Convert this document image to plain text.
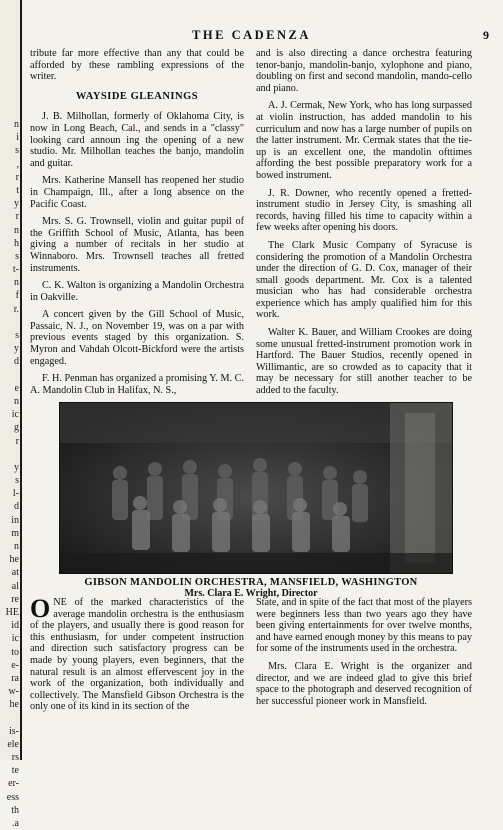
n
i
s
,
r
t
y
r
n
h
s
t-
n
f
r.
s
y
d
e
n
ic
g
r
y
s
l-
d
in
m
n
he
at
al
re
HE
id
ic
to
e-
ra
w-
he
is-
ele
rs
te
er-
ess
th
.a
THE CADENZA	9

tribute far more effective than any that could be afforded by these rambling expressions of the writer.

WAYSIDE GLEANINGS

J. B. Milhollan, formerly of Oklahoma City, is now in Long Beach, Cal., and sends in a "classy" looking card announ ing the opening of a new studio. Mr. Milhollan teaches the banjo, mandolin and guitar.

Mrs. Katherine Mansell has reopened her studio in Champaign, Ill., after a long absence on the Pacific Coast.

Mrs. S. G. Trownsell, violin and guitar pupil of the Griffith School of Music, Atlanta, has been giving a number of recitals in her studio at Winnaboro. Mrs. Trownsell teaches all fretted instruments.

C. K. Walton is organizing a Mandolin Orchestra in Oakville.

A concert given by the Gill School of Music, Passaic, N. J., on November 19, was on a par with previous events staged by this organization. S. Myron and Vahdah Olcott-Bickford were the artists engaged.

F. H. Penman has organized a promising Y. M. C. A. Mandolin Club in Halifax, N. S.,

and is also directing a dance orchestra featuring tenor-banjo, mandolin-banjo, xylophone and piano, doubling on first and second mandolin, mando-cello and piano.

A. J. Cermak, New York, who has long surpassed at violin instruction, has added mandolin to his curriculum and now has a large number of pupils on the latter instrument. Mr. Cermak states that the tie-up is an excellent one, the mandolin ofttimes affording the best possible preparatory work for a bowed instrument.

J. R. Downer, who recently opened a fretted-instrument studio in Jersey City, is smashing all records, having filled his time to capacity within a few weeks after opening his doors.

The Clark Music Company of Syracuse is considering the promotion of a Mandolin Orchestra under the direction of G. D. Cox, manager of their small goods department. Mr. Cox is a talented musician who has had considerable orchestra experience which has amply qualified him for this work.

Walter K. Bauer, and William Crookes are doing some unusual fretted-instrument promotion work in Hartford. The Bauer Studios, recently opened in Willimantic, are so crowded as to capacity that it may be necessary for still another teacher to be added to the faculty.

GIBSON MANDOLIN ORCHESTRA, MANSFIELD, WASHINGTON
Mrs. Clara E. Wright, Director

ONE of the marked characteristics of the average mandolin orchestra is the enthusiasm of the players, and usually there is good reason for this enthusiasm, for under competent instruction and direction such satisfactory progress can be made by young players, even beginners, that the natural result is an almost effervescent joy in the work of the organization, both individually and collectively. The Mansfield Gibson Orchestra is the only one of its kind in its section of the

State, and in spite of the fact that most of the players were beginners less than two years ago they have been giving entertainments for over twelve months, and have earned enough money by this means to pay for some of the instruments used in the orchestra.

Mrs. Clara E. Wright is the organizer and director, and we are indeed glad to give this brief space to the photograph and deserved recognition of her successful pioneer work in Mansfield.
